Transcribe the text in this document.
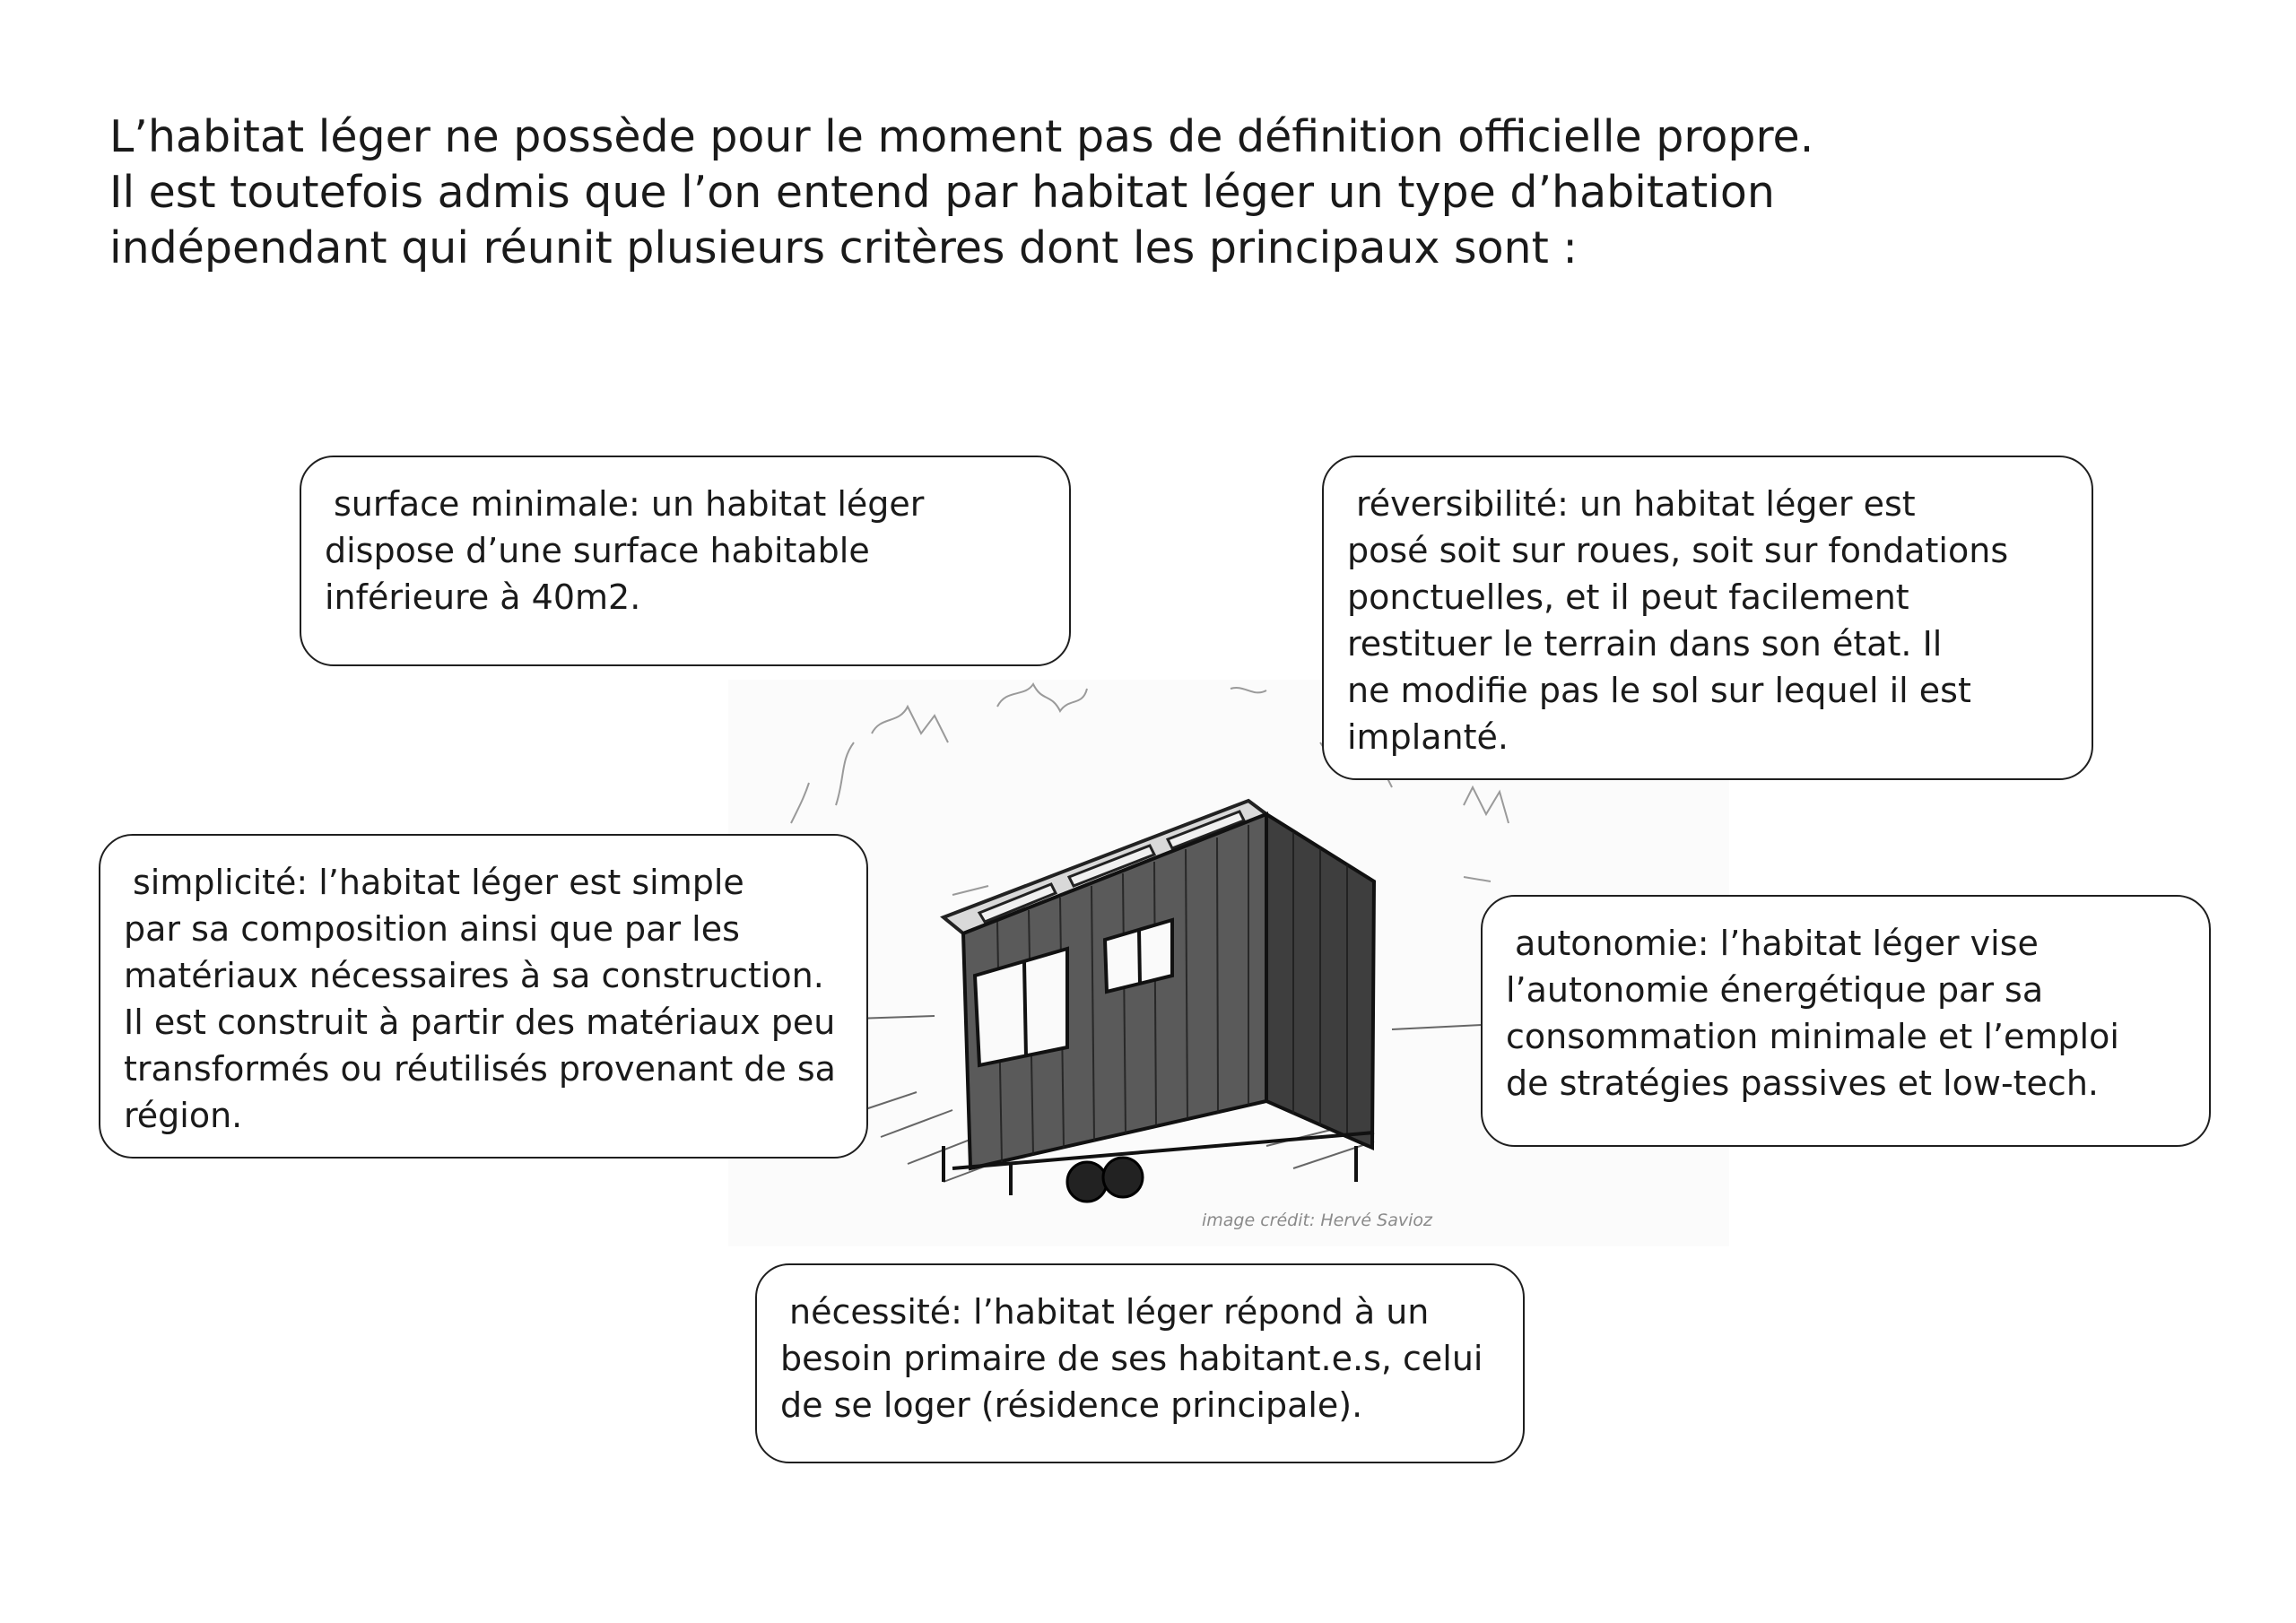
L’habitat léger ne possède pour le moment pas de définition officielle propre.
Il est toutefois admis que l’on entend par habitat léger un type d’habitation
indépendant qui réunit plusieurs critères dont les principaux sont :

image crédit: Hervé Savioz
surface minimale: un habitat léger
dispose d’une surface habitable
inférieure à 40m2.
réversibilité: un habitat léger est
posé soit sur roues, soit sur fondations
ponctuelles, et il peut facilement
restituer le terrain dans son état. Il
ne modifie pas le sol sur lequel il est
implanté.
simplicité: l’habitat léger est simple
par sa composition ainsi que par les
matériaux nécessaires à sa construction.
Il est construit à partir des matériaux peu
transformés ou réutilisés provenant de sa
région.
autonomie: l’habitat léger vise
l’autonomie énergétique par sa
consommation minimale et l’emploi
de stratégies passives et low-tech.
nécessité: l’habitat léger répond à un
besoin primaire de ses habitant.e.s, celui
de se loger (résidence principale).
